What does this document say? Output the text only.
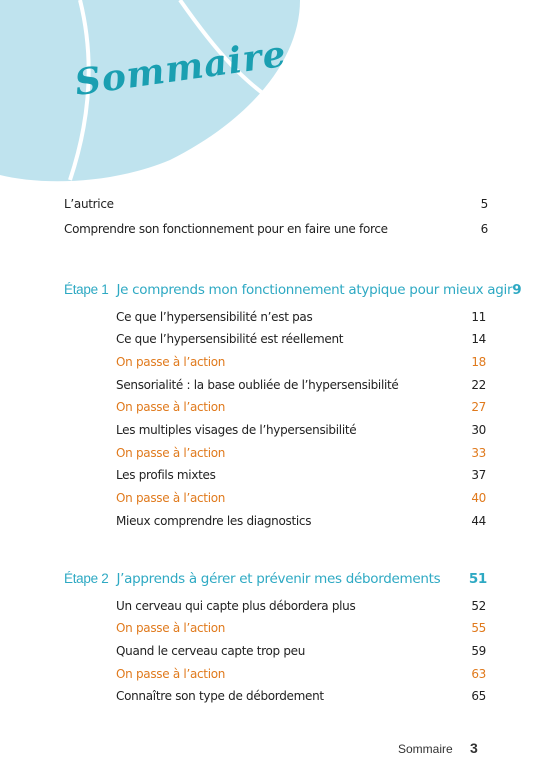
Sommaire
L’autrice	5
Comprendre son fonctionnement pour en faire une force	6
Étape 1 Je comprends mon fonctionnement atypique pour mieux agir 9
Ce que l’hypersensibilité n’est pas	11
Ce que l’hypersensibilité est réellement	14
On passe à l’action	18
Sensorialité : la base oubliée de l’hypersensibilité	22
On passe à l’action	27
Les multiples visages de l’hypersensibilité	30
On passe à l’action	33
Les profils mixtes	37
On passe à l’action	40
Mieux comprendre les diagnostics	44
Étape 2 J’apprends à gérer et prévenir mes débordements 51
Un cerveau qui capte plus débordera plus	52
On passe à l’action	55
Quand le cerveau capte trop peu	59
On passe à l’action	63
Connaître son type de débordement	65
Sommaire 3
